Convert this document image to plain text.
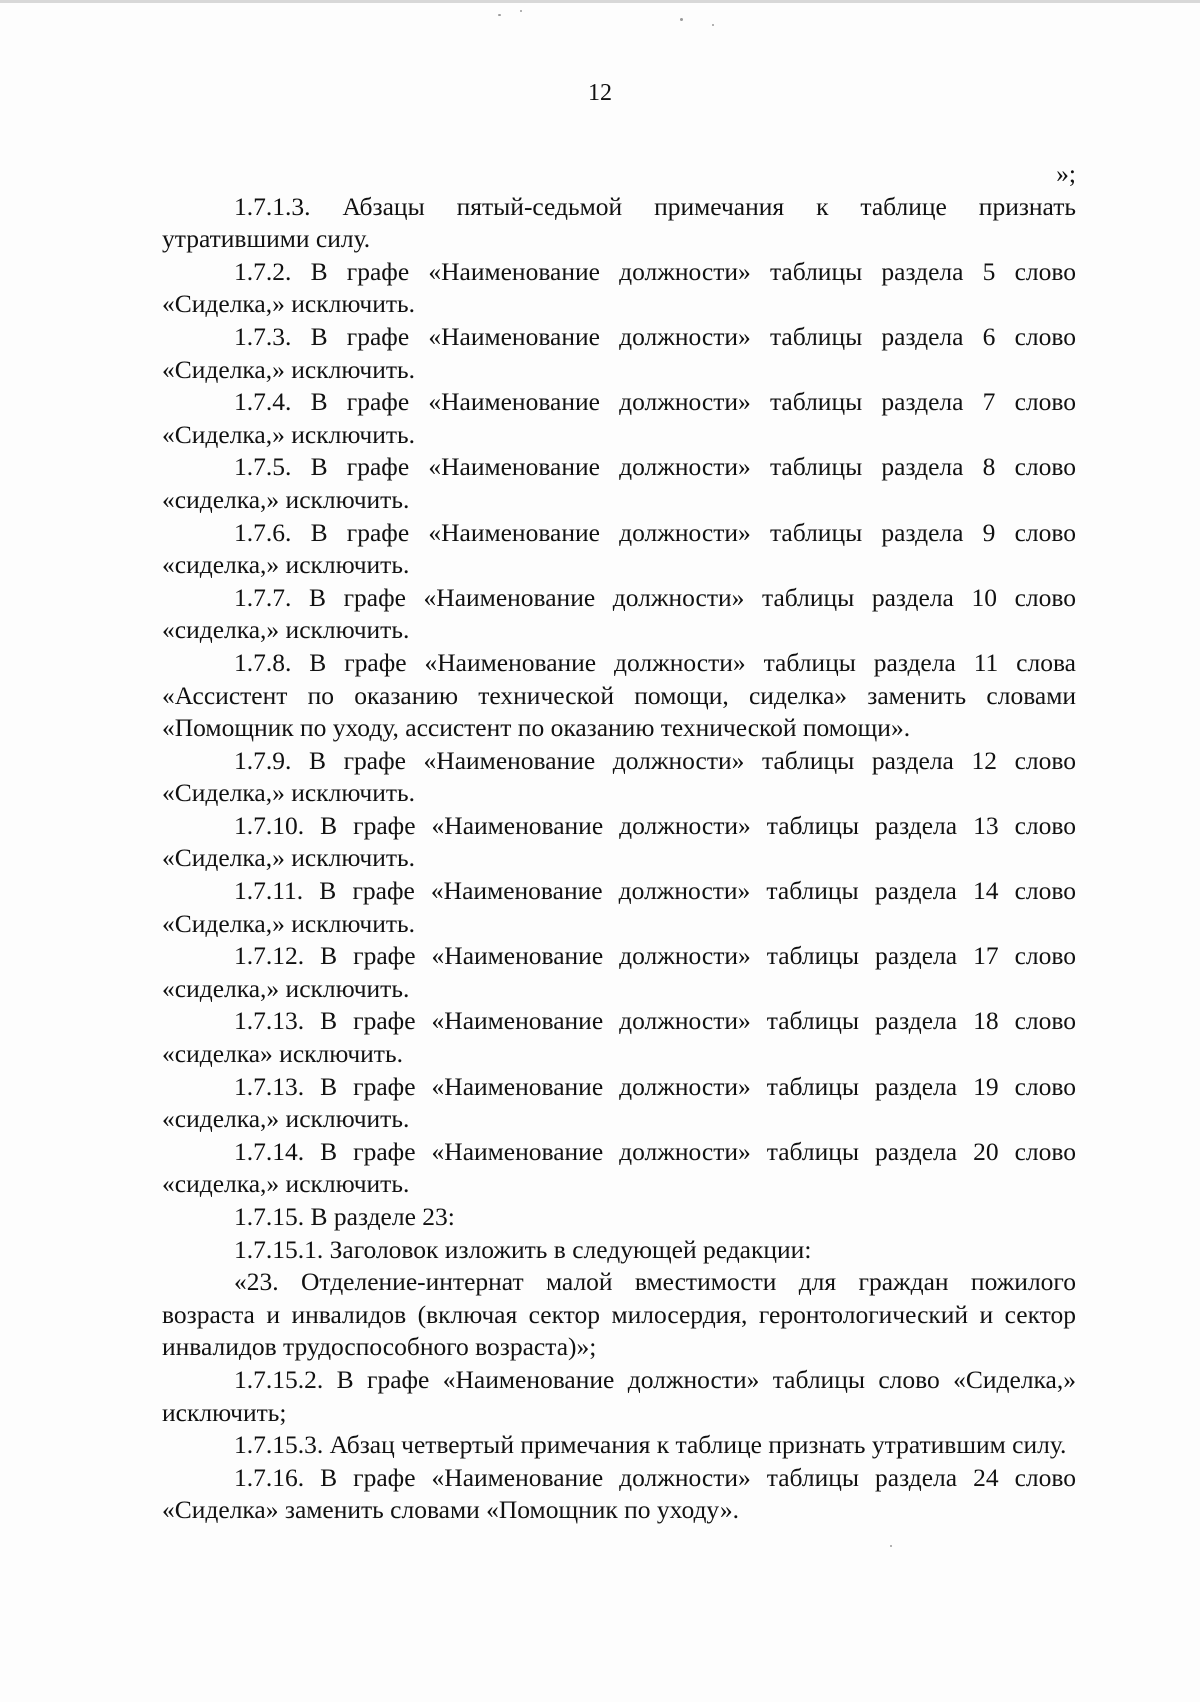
12
»;

1.7.1.3. Абзацы пятый-седьмой примечания к таблице признать утратившими силу.

1.7.2. В графе «Наименование должности» таблицы раздела 5 слово «Сиделка,» исключить.

1.7.3. В графе «Наименование должности» таблицы раздела 6 слово «Сиделка,» исключить.

1.7.4. В графе «Наименование должности» таблицы раздела 7 слово «Сиделка,» исключить.

1.7.5. В графе «Наименование должности» таблицы раздела 8 слово «сиделка,» исключить.

1.7.6. В графе «Наименование должности» таблицы раздела 9 слово «сиделка,» исключить.

1.7.7. В графе «Наименование должности» таблицы раздела 10 слово «сиделка,» исключить.

1.7.8. В графе «Наименование должности» таблицы раздела 11 слова «Ассистент по оказанию технической помощи, сиделка» заменить словами «Помощник по уходу, ассистент по оказанию технической помощи».

1.7.9. В графе «Наименование должности» таблицы раздела 12 слово «Сиделка,» исключить.

1.7.10. В графе «Наименование должности» таблицы раздела 13 слово «Сиделка,» исключить.

1.7.11. В графе «Наименование должности» таблицы раздела 14 слово «Сиделка,» исключить.

1.7.12. В графе «Наименование должности» таблицы раздела 17 слово «сиделка,» исключить.

1.7.13. В графе «Наименование должности» таблицы раздела 18 слово «сиделка» исключить.

1.7.13. В графе «Наименование должности» таблицы раздела 19 слово «сиделка,» исключить.

1.7.14. В графе «Наименование должности» таблицы раздела 20 слово «сиделка,» исключить.

1.7.15. В разделе 23:

1.7.15.1. Заголовок изложить в следующей редакции:

«23. Отделение-интернат малой вместимости для граждан пожилого возраста и инвалидов (включая сектор милосердия, геронтологический и сектор инвалидов трудоспособного возраста)»;

1.7.15.2. В графе «Наименование должности» таблицы слово «Сиделка,» исключить;

1.7.15.3. Абзац четвертый примечания к таблице признать утратившим силу.

1.7.16. В графе «Наименование должности» таблицы раздела 24 слово «Сиделка» заменить словами «Помощник по уходу».
